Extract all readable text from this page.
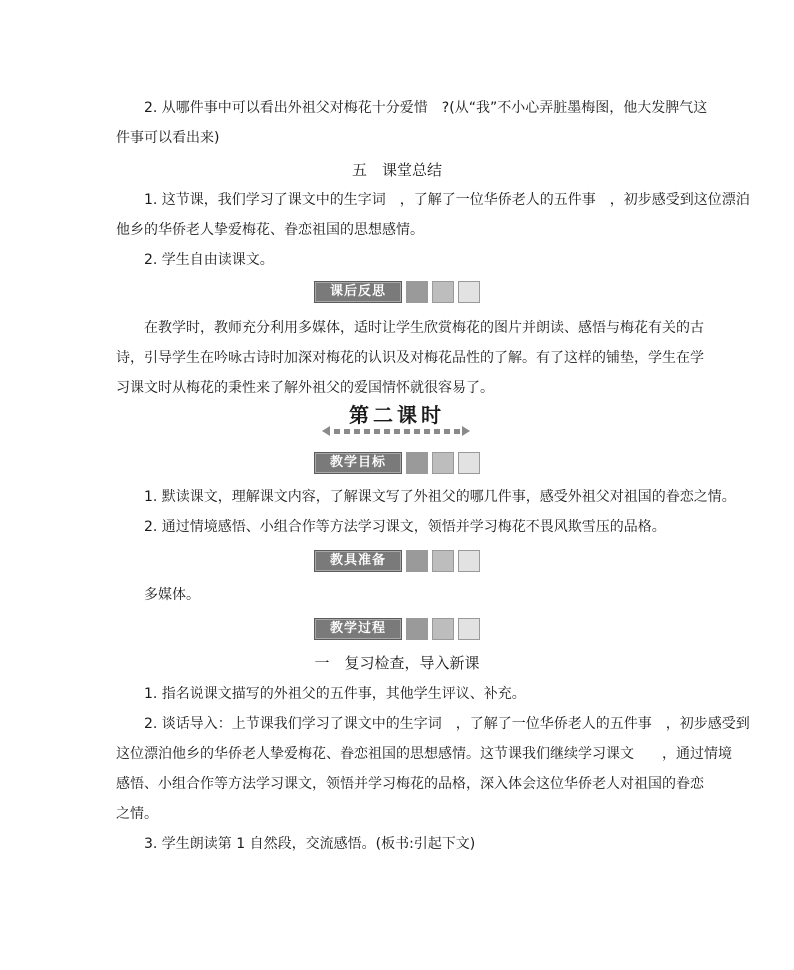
2. 从哪件事中可以看出外祖父对梅花十分爱惜　?(从“我”不小心弄脏墨梅图，他大发脾气这
件事可以看出来)
五　课堂总结
1. 这节课，我们学习了课文中的生字词　，了解了一位华侨老人的五件事　，初步感受到这位漂泊
他乡的华侨老人挚爱梅花、眷恋祖国的思想感情。
2. 学生自由读课文。
课后反思
在教学时，教师充分利用多媒体，适时让学生欣赏梅花的图片并朗读、感悟与梅花有关的古
诗，引导学生在吟咏古诗时加深对梅花的认识及对梅花品性的了解。有了这样的铺垫，学生在学
习课文时从梅花的秉性来了解外祖父的爱国情怀就很容易了。
第二课时
教学目标
1. 默读课文，理解课文内容，了解课文写了外祖父的哪几件事，感受外祖父对祖国的眷恋之情。
2. 通过情境感悟、小组合作等方法学习课文，领悟并学习梅花不畏风欺雪压的品格。
教具准备
多媒体。
教学过程
一　复习检查，导入新课
1. 指名说课文描写的外祖父的五件事，其他学生评议、补充。
2. 谈话导入：上节课我们学习了课文中的生字词　，了解了一位华侨老人的五件事　，初步感受到
这位漂泊他乡的华侨老人挚爱梅花、眷恋祖国的思想感情。这节课我们继续学习课文　　，通过情境
感悟、小组合作等方法学习课文，领悟并学习梅花的品格，深入体会这位华侨老人对祖国的眷恋
之情。
3. 学生朗读第 1 自然段，交流感悟。(板书:引起下文)
